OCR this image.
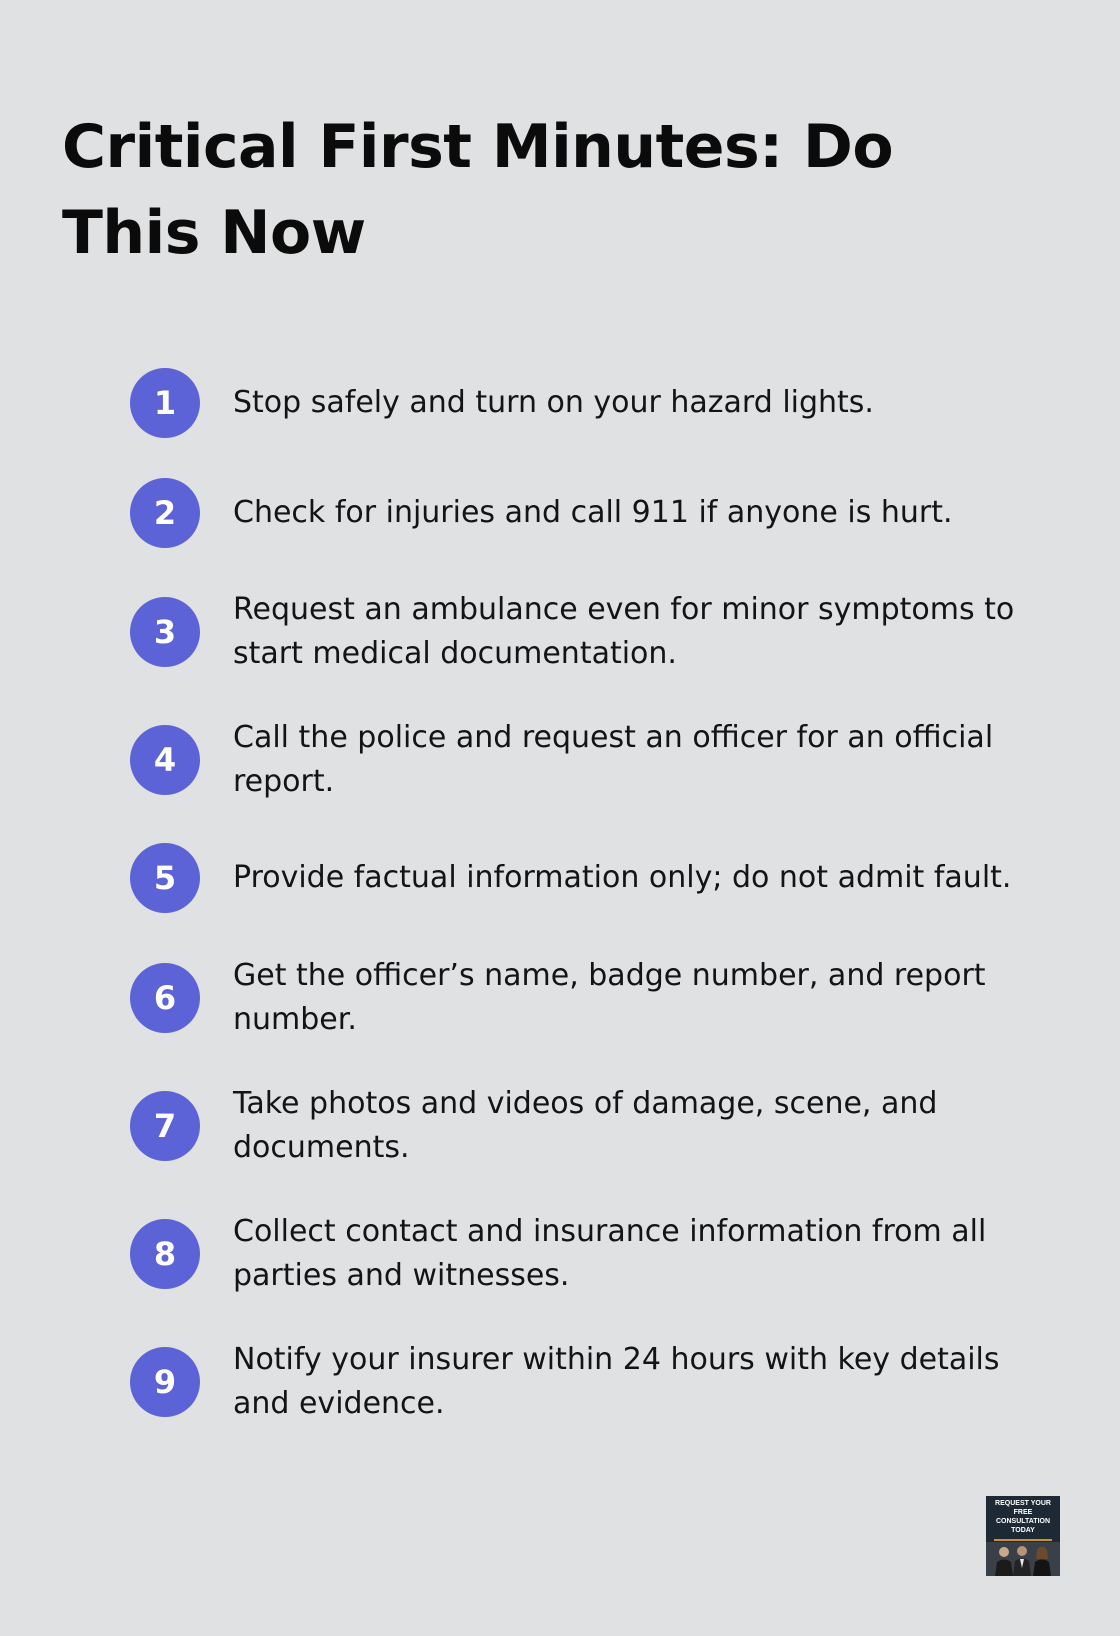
Critical First Minutes: Do This Now
1	Stop safely and turn on your hazard lights.
2	Check for injuries and call 911 if anyone is hurt.
3
Request an ambulance even for minor symptoms to start medical documentation.
4
Call the police and request an officer for an official report.
5	Provide factual information only; do not admit fault.
6
Get the officer’s name, badge number, and report number.
7
Take photos and videos of damage, scene, and documents.
8
Collect contact and insurance information from all parties and witnesses.
9
Notify your insurer within 24 hours with key details and evidence.
REQUEST YOUR FREE CONSULTATION TODAY
